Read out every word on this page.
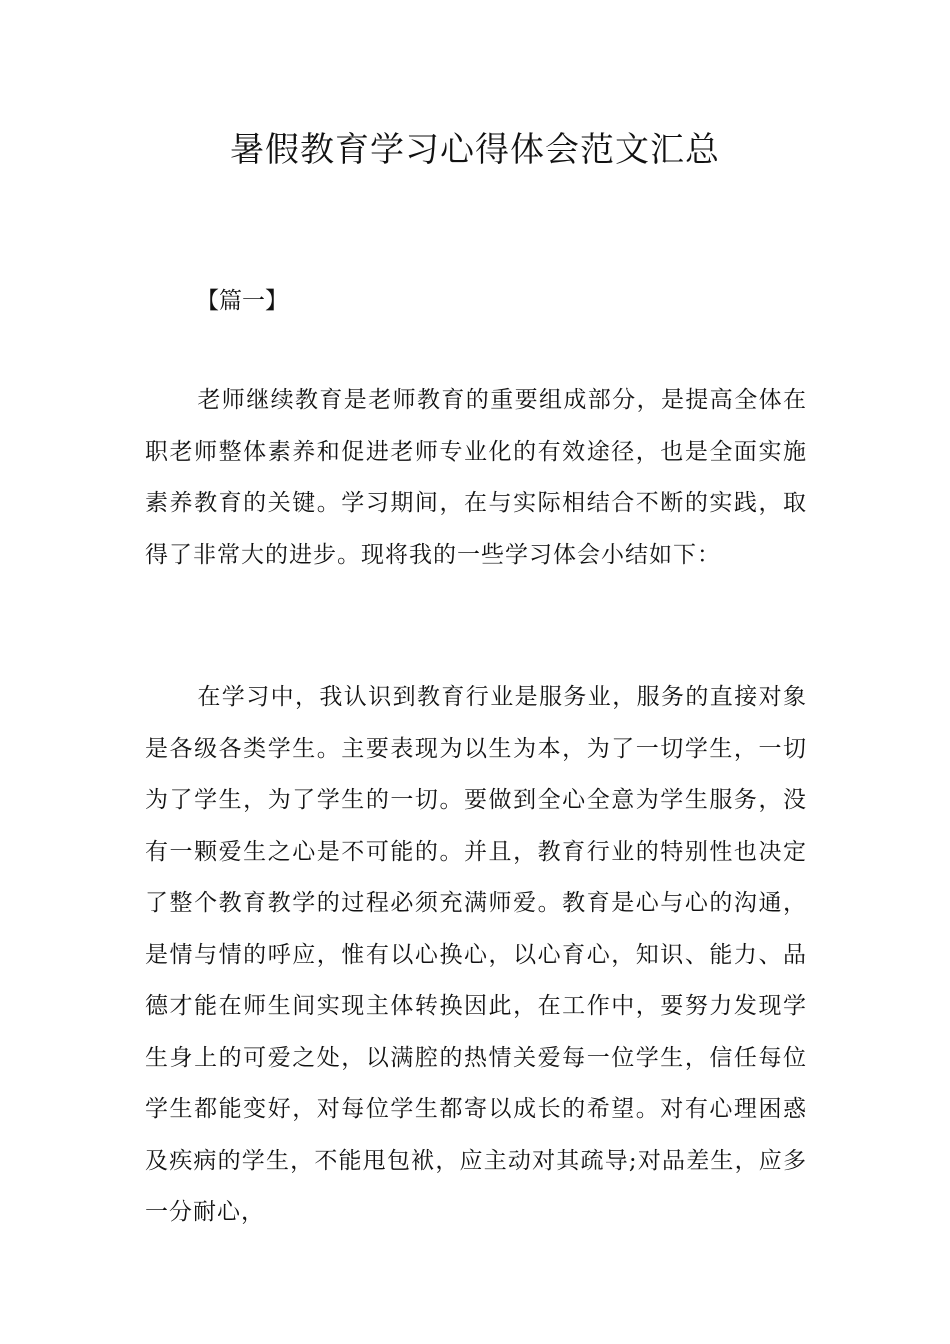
暑假教育学习心得体会范文汇总

【篇一】

老师继续教育是老师教育的重要组成部分，是提高全体在职老师整体素养和促进老师专业化的有效途径，也是全面实施素养教育的关键。学习期间，在与实际相结合不断的实践，取得了非常大的进步。现将我的一些学习体会小结如下：

在学习中，我认识到教育行业是服务业，服务的直接对象是各级各类学生。主要表现为以生为本，为了一切学生，一切为了学生，为了学生的一切。要做到全心全意为学生服务，没有一颗爱生之心是不可能的。并且，教育行业的特别性也决定了整个教育教学的过程必须充满师爱。教育是心与心的沟通，是情与情的呼应，惟有以心换心，以心育心，知识、能力、品德才能在师生间实现主体转换因此，在工作中，要努力发现学生身上的可爱之处，以满腔的热情关爱每一位学生，信任每位学生都能变好，对每位学生都寄以成长的希望。对有心理困惑及疾病的学生，不能甩包袱，应主动对其疏导;对品差生，应多一分耐心，
